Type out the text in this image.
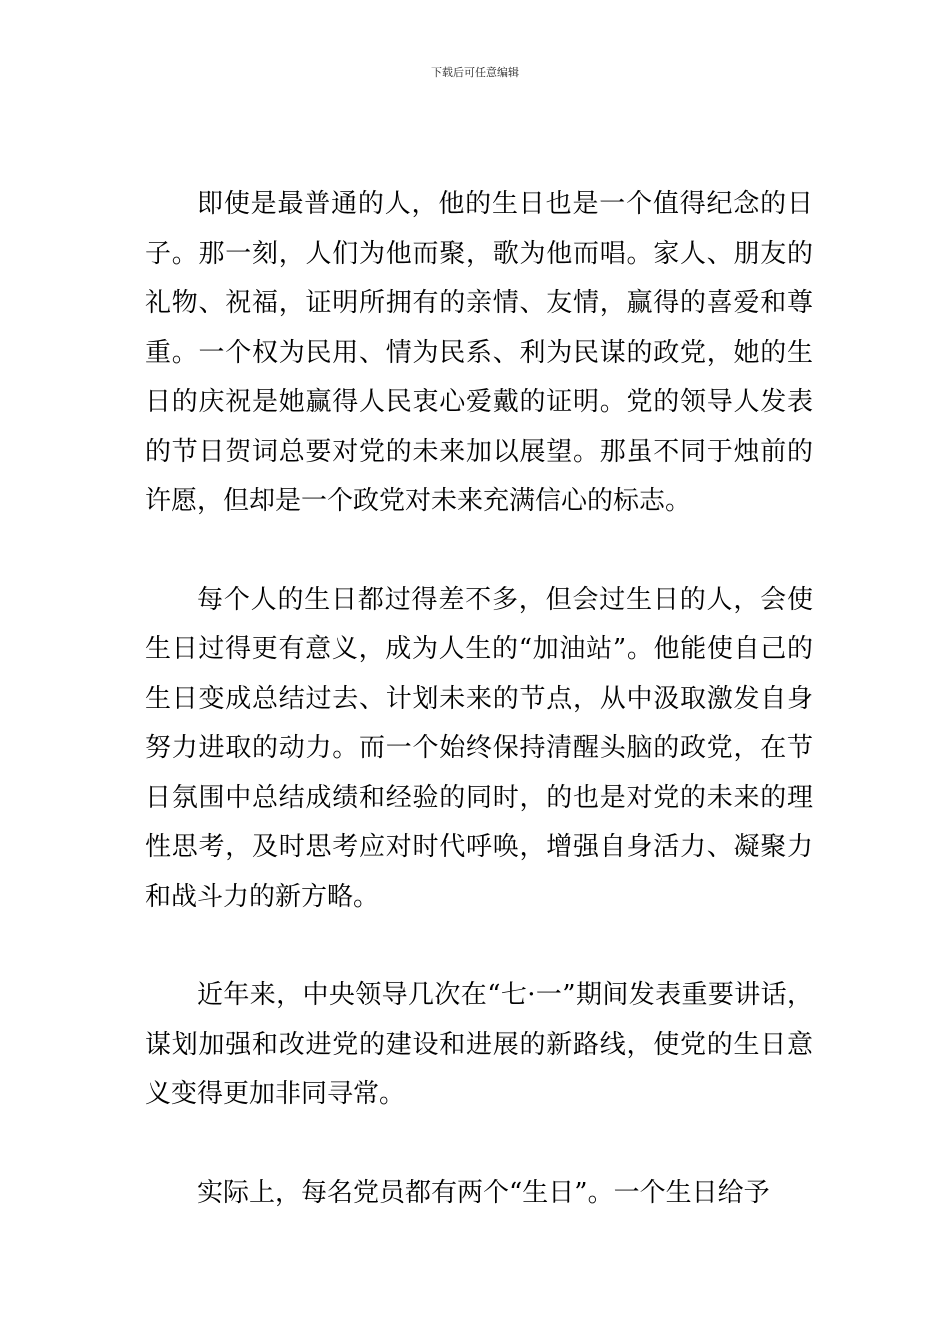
下载后可任意编辑

即使是最普通的人，他的生日也是一个值得纪念的日子。那一刻，人们为他而聚，歌为他而唱。家人、朋友的礼物、祝福，证明所拥有的亲情、友情，赢得的喜爱和尊重。一个权为民用、情为民系、利为民谋的政党，她的生日的庆祝是她赢得人民衷心爱戴的证明。党的领导人发表的节日贺词总要对党的未来加以展望。那虽不同于烛前的许愿，但却是一个政党对未来充满信心的标志。

每个人的生日都过得差不多，但会过生日的人，会使生日过得更有意义，成为人生的“加油站”。他能使自己的生日变成总结过去、计划未来的节点，从中汲取激发自身努力进取的动力。而一个始终保持清醒头脑的政党，在节日氛围中总结成绩和经验的同时，的也是对党的未来的理性思考，及时思考应对时代呼唤，增强自身活力、凝聚力和战斗力的新方略。

近年来，中央领导几次在“七·一”期间发表重要讲话，谋划加强和改进党的建设和进展的新路线，使党的生日意义变得更加非同寻常。

实际上，每名党员都有两个“生日”。一个生日给予
